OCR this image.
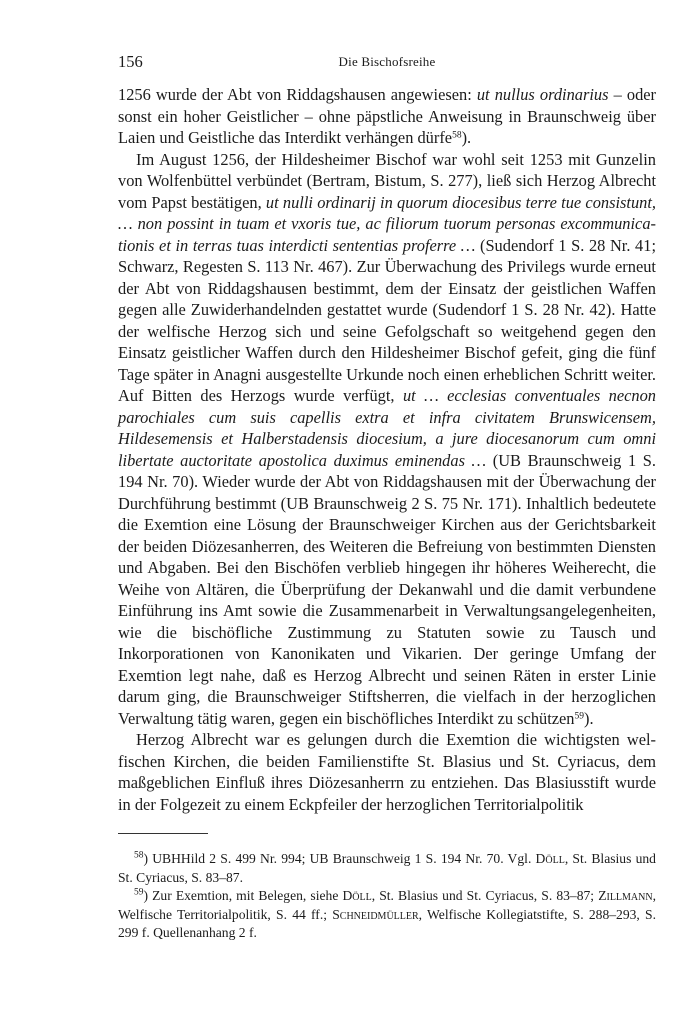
156	Die Bischofsreihe

1256 wurde der Abt von Riddagshausen angewiesen: ut nullus ordinarius – oder sonst ein hoher Geistlicher – ohne päpstliche Anweisung in Braunschweig über Laien und Geistliche das Interdikt verhängen dürfe$^{58}$).

Im August 1256, der Hildesheimer Bischof war wohl seit 1253 mit Gunzelin von Wolfenbüttel verbündet (Bertram, Bistum, S. 277), ließ sich Herzog Albrecht vom Papst bestätigen, ut nulli ordinarij in quorum diocesibus terre tue consistunt, … non possint in tuam et vxoris tue, ac filiorum tuorum personas excommunicationis et in terras tuas interdicti sententias proferre … (Sudendorf 1 S. 28 Nr. 41; Schwarz, Regesten S. 113 Nr. 467). Zur Überwachung des Privilegs wurde erneut der Abt von Riddagshausen bestimmt, dem der Einsatz der geistlichen Waffen gegen alle Zuwiderhandelnden gestattet wurde (Sudendorf 1 S. 28 Nr. 42). Hatte der welfische Herzog sich und seine Gefolgschaft so weitgehend gegen den Einsatz geistlicher Waffen durch den Hildesheimer Bischof gefeit, ging die fünf Tage später in Anagni ausgestellte Urkunde noch einen erheblichen Schritt weiter. Auf Bitten des Herzogs wurde verfügt, ut … ecclesias conventuales necnon parochiales cum suis capellis extra et infra civitatem Brunswicensem, Hildesemensis et Halberstadensis diocesium, a jure diocesanorum cum omni libertate auctoritate apostolica duximus eminendas … (UB Braunschweig 1 S. 194 Nr. 70). Wieder wurde der Abt von Riddagshausen mit der Überwachung der Durchführung bestimmt (UB Braunschweig 2 S. 75 Nr. 171). Inhaltlich bedeutete die Exemtion eine Lösung der Braunschweiger Kirchen aus der Gerichtsbarkeit der beiden Diözesanherren, des Weiteren die Befreiung von bestimmten Diensten und Abgaben. Bei den Bischöfen verblieb hingegen ihr höheres Weiherecht, die Weihe von Altären, die Überprüfung der Dekanwahl und die damit verbundene Einführung ins Amt sowie die Zusammenarbeit in Verwaltungsangelegenheiten, wie die bischöfliche Zustimmung zu Statuten sowie zu Tausch und Inkorporationen von Kanonikaten und Vikarien. Der geringe Umfang der Exemtion legt nahe, daß es Herzog Albrecht und seinen Räten in erster Linie darum ging, die Braunschweiger Stiftsherren, die vielfach in der herzoglichen Verwaltung tätig waren, gegen ein bischöfliches Interdikt zu schützen$^{59}$).

Herzog Albrecht war es gelungen durch die Exemtion die wichtigsten welfischen Kirchen, die beiden Familienstifte St. Blasius und St. Cyriacus, dem maßgeblichen Einfluß ihres Diözesanherrn zu entziehen. Das Blasiusstift wurde in der Folgezeit zu einem Eckpfeiler der herzoglichen Territorialpolitik

$^{58}$) UBHHild 2 S. 499 Nr. 994; UB Braunschweig 1 S. 194 Nr. 70. Vgl. Döll, St. Blasius und St. Cyriacus, S. 83–87.

$^{59}$) Zur Exemtion, mit Belegen, siehe Döll, St. Blasius und St. Cyriacus, S. 83–87; Zillmann, Welfische Territorialpolitik, S. 44 ff.; Schneidmüller, Welfische Kollegiatstifte, S. 288–293, S. 299 f. Quellenanhang 2 f.
